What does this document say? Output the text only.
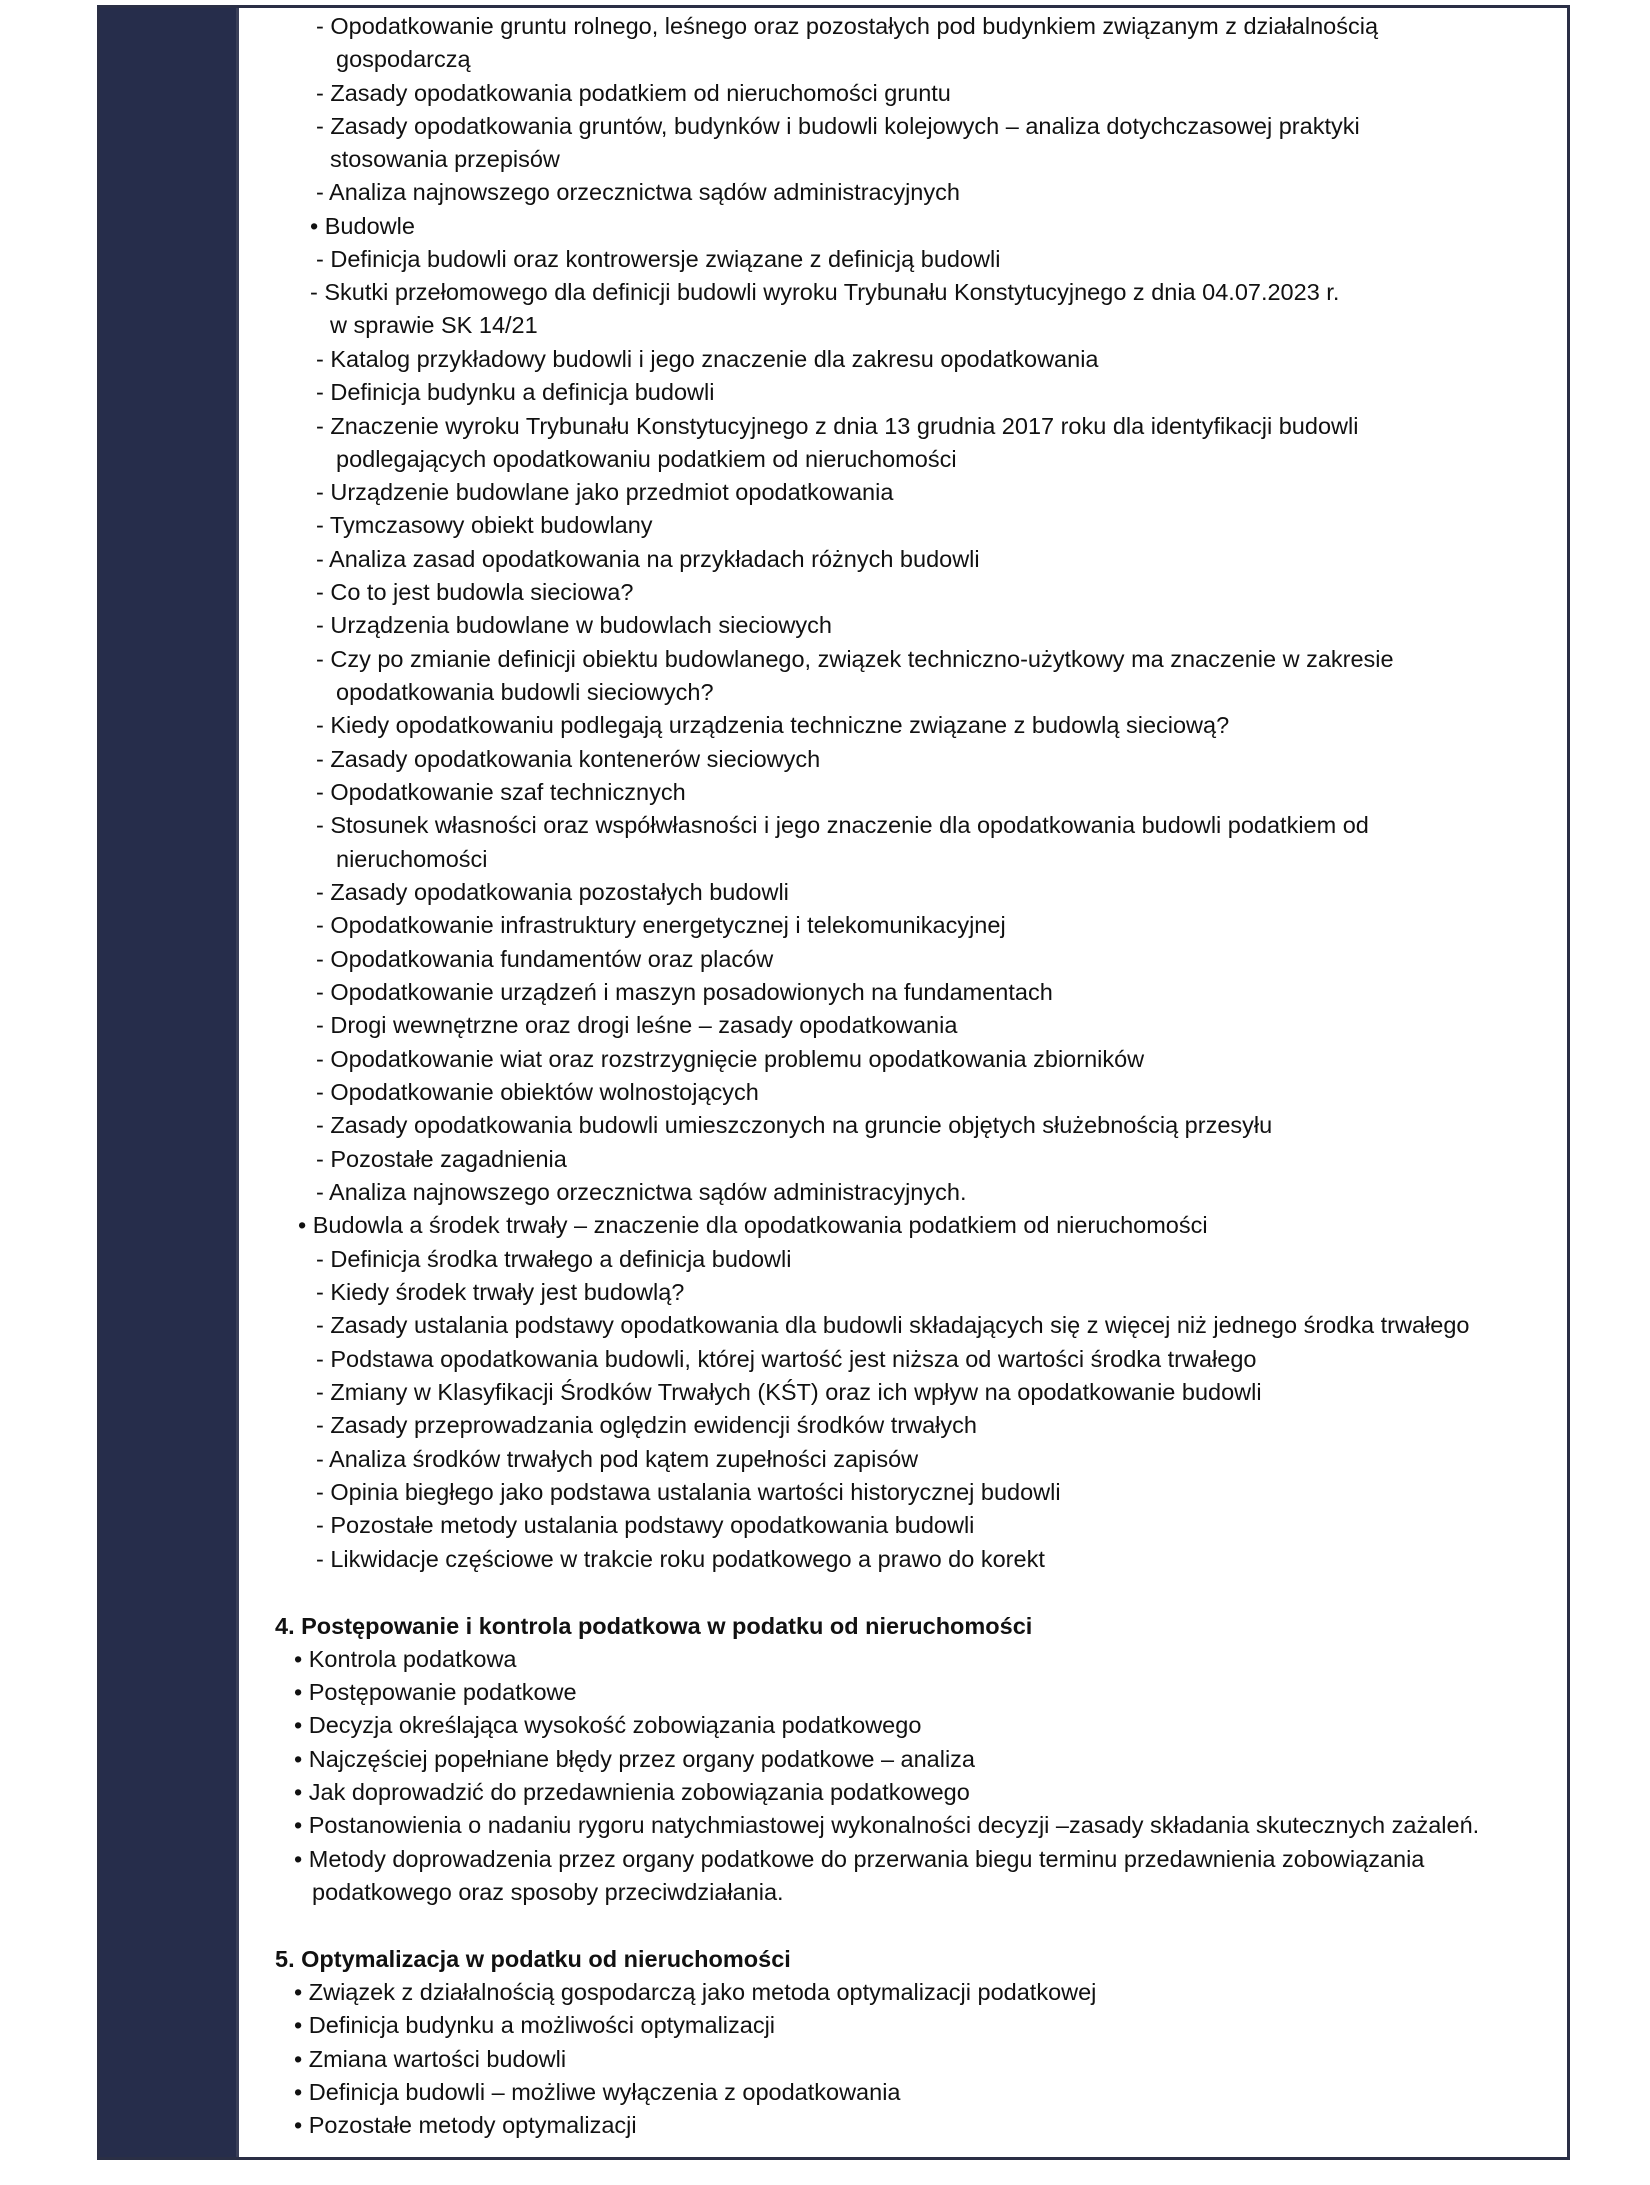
- Opodatkowanie gruntu rolnego, leśnego oraz pozostałych pod budynkiem związanym z działalnością
gospodarczą
- Zasady opodatkowania podatkiem od nieruchomości gruntu
- Zasady opodatkowania gruntów, budynków i budowli kolejowych – analiza dotychczasowej praktyki
stosowania przepisów
- Analiza najnowszego orzecznictwa sądów administracyjnych
• Budowle
- Definicja budowli oraz kontrowersje związane z definicją budowli
- Skutki przełomowego dla definicji budowli wyroku Trybunału Konstytucyjnego z dnia 04.07.2023 r.
w sprawie SK 14/21
- Katalog przykładowy budowli i jego znaczenie dla zakresu opodatkowania
- Definicja budynku a definicja budowli
- Znaczenie wyroku Trybunału Konstytucyjnego z dnia 13 grudnia 2017 roku dla identyfikacji budowli
podlegających opodatkowaniu podatkiem od nieruchomości
- Urządzenie budowlane jako przedmiot opodatkowania
- Tymczasowy obiekt budowlany
- Analiza zasad opodatkowania na przykładach różnych budowli
- Co to jest budowla sieciowa?
- Urządzenia budowlane w budowlach sieciowych
- Czy po zmianie definicji obiektu budowlanego, związek techniczno-użytkowy ma znaczenie w zakresie
opodatkowania budowli sieciowych?
- Kiedy opodatkowaniu podlegają urządzenia techniczne związane z budowlą sieciową?
- Zasady opodatkowania kontenerów sieciowych
- Opodatkowanie szaf technicznych
- Stosunek własności oraz współwłasności i jego znaczenie dla opodatkowania budowli podatkiem od
nieruchomości
- Zasady opodatkowania pozostałych budowli
- Opodatkowanie infrastruktury energetycznej i telekomunikacyjnej
- Opodatkowania fundamentów oraz placów
- Opodatkowanie urządzeń i maszyn posadowionych na fundamentach
- Drogi wewnętrzne oraz drogi leśne – zasady opodatkowania
- Opodatkowanie wiat oraz rozstrzygnięcie problemu opodatkowania zbiorników
- Opodatkowanie obiektów wolnostojących
- Zasady opodatkowania budowli umieszczonych na gruncie objętych służebnością przesyłu
- Pozostałe zagadnienia
- Analiza najnowszego orzecznictwa sądów administracyjnych.
• Budowla a środek trwały – znaczenie dla opodatkowania podatkiem od nieruchomości
- Definicja środka trwałego a definicja budowli
- Kiedy środek trwały jest budowlą?
- Zasady ustalania podstawy opodatkowania dla budowli składających się z więcej niż jednego środka trwałego
- Podstawa opodatkowania budowli, której wartość jest niższa od wartości środka trwałego
- Zmiany w Klasyfikacji Środków Trwałych (KŚT) oraz ich wpływ na opodatkowanie budowli
- Zasady przeprowadzania oględzin ewidencji środków trwałych
- Analiza środków trwałych pod kątem zupełności zapisów
- Opinia biegłego jako podstawa ustalania wartości historycznej budowli
- Pozostałe metody ustalania podstawy opodatkowania budowli
- Likwidacje częściowe w trakcie roku podatkowego a prawo do korekt
4. Postępowanie i kontrola podatkowa w podatku od nieruchomości
• Kontrola podatkowa
• Postępowanie podatkowe
• Decyzja określająca wysokość zobowiązania podatkowego
• Najczęściej popełniane błędy przez organy podatkowe – analiza
• Jak doprowadzić do przedawnienia zobowiązania podatkowego
• Postanowienia o nadaniu rygoru natychmiastowej wykonalności decyzji –zasady składania skutecznych zażaleń.
• Metody doprowadzenia przez organy podatkowe do przerwania biegu terminu przedawnienia zobowiązania
podatkowego oraz sposoby przeciwdziałania.
5. Optymalizacja w podatku od nieruchomości
• Związek z działalnością gospodarczą jako metoda optymalizacji podatkowej
• Definicja budynku a możliwości optymalizacji
• Zmiana wartości budowli
• Definicja budowli – możliwe wyłączenia z opodatkowania
• Pozostałe metody optymalizacji
